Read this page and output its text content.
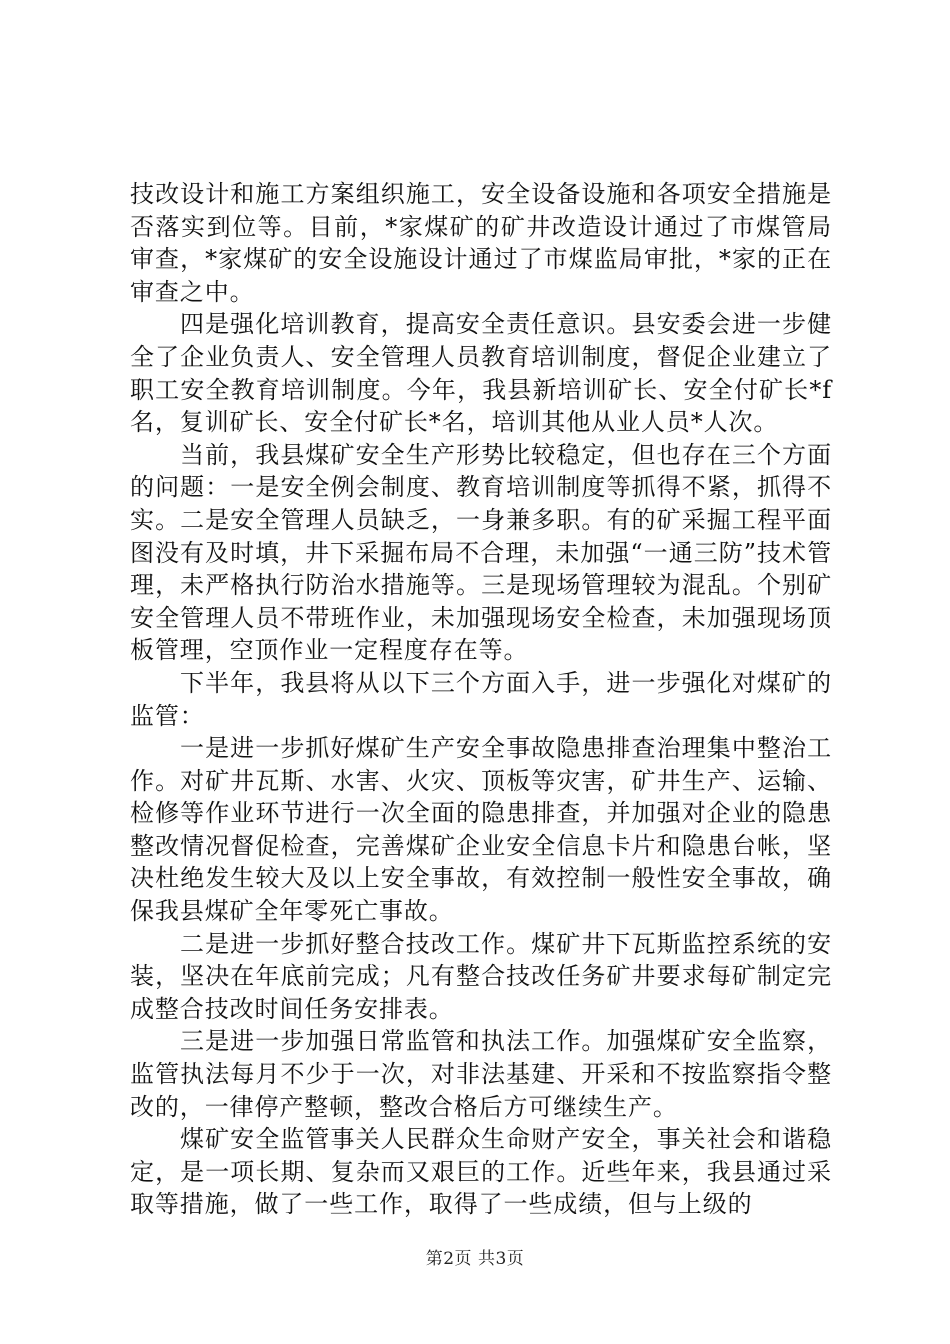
技改设计和施工方案组织施工，安全设备设施和各项安全措施是否落实到位等。目前，*家煤矿的矿井改造设计通过了市煤管局审查，*家煤矿的安全设施设计通过了市煤监局审批，*家的正在审查之中。

四是强化培训教育，提高安全责任意识。县安委会进一步健全了企业负责人、安全管理人员教育培训制度，督促企业建立了职工安全教育培训制度。今年，我县新培训矿长、安全付矿长*f名，复训矿长、安全付矿长*名，培训其他从业人员*人次。

当前，我县煤矿安全生产形势比较稳定，但也存在三个方面的问题：一是安全例会制度、教育培训制度等抓得不紧，抓得不实。二是安全管理人员缺乏，一身兼多职。有的矿采掘工程平面图没有及时填，井下采掘布局不合理，未加强“一通三防”技术管理，未严格执行防治水措施等。三是现场管理较为混乱。个别矿安全管理人员不带班作业，未加强现场安全检查，未加强现场顶板管理，空顶作业一定程度存在等。

下半年，我县将从以下三个方面入手，进一步强化对煤矿的监管：

一是进一步抓好煤矿生产安全事故隐患排查治理集中整治工作。对矿井瓦斯、水害、火灾、顶板等灾害，矿井生产、运输、检修等作业环节进行一次全面的隐患排查，并加强对企业的隐患整改情况督促检查，完善煤矿企业安全信息卡片和隐患台帐，坚决杜绝发生较大及以上安全事故，有效控制一般性安全事故，确保我县煤矿全年零死亡事故。

二是进一步抓好整合技改工作。煤矿井下瓦斯监控系统的安装，坚决在年底前完成；凡有整合技改任务矿井要求每矿制定完成整合技改时间任务安排表。

三是进一步加强日常监管和执法工作。加强煤矿安全监察，监管执法每月不少于一次，对非法基建、开采和不按监察指令整改的，一律停产整顿，整改合格后方可继续生产。

煤矿安全监管事关人民群众生命财产安全，事关社会和谐稳定，是一项长期、复杂而又艰巨的工作。近些年来，我县通过采取等措施，做了一些工作，取得了一些成绩，但与上级的

第2页 共3页
